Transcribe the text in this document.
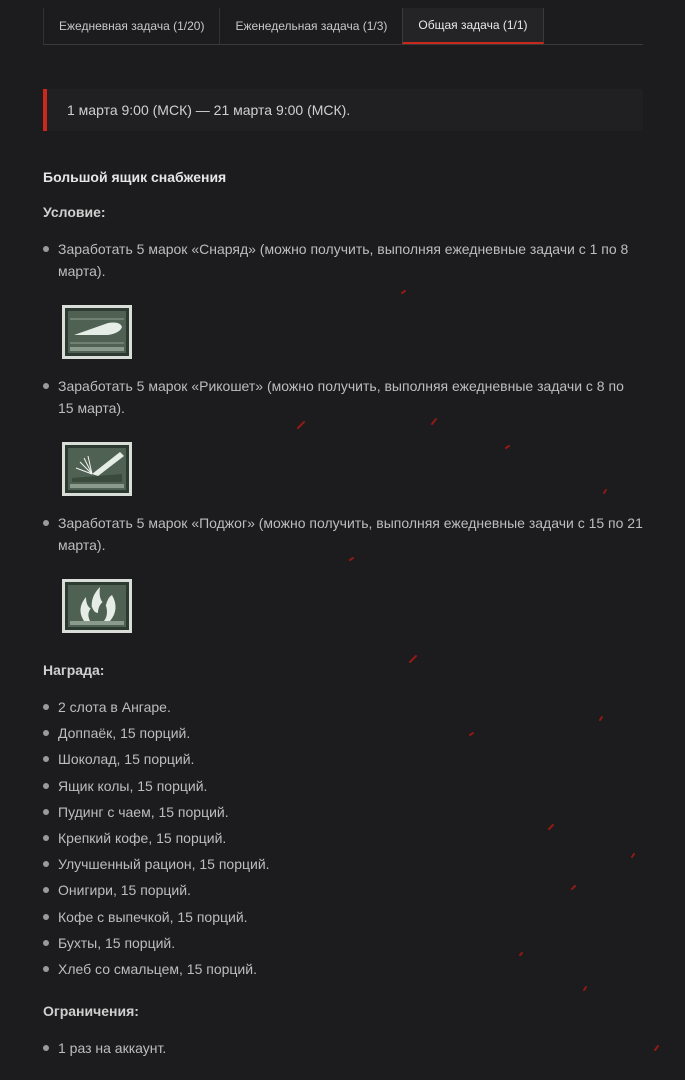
Ежедневная задача (1/20)	Еженедельная задача (1/3)	Общая задача (1/1)
1 марта 9:00 (МСК) — 21 марта 9:00 (МСК).
Большой ящик снабжения
Условие:
Заработать 5 марок «Снаряд» (можно получить, выполняя ежедневные задачи с 1 по 8 марта).
Заработать 5 марок «Рикошет» (можно получить, выполняя ежедневные задачи с 8 по 15 марта).
Заработать 5 марок «Поджог» (можно получить, выполняя ежедневные задачи с 15 по 21 марта).
Награда:
2 слота в Ангаре.
Доппаёк, 15 порций.
Шоколад, 15 порций.
Ящик колы, 15 порций.
Пудинг с чаем, 15 порций.
Крепкий кофе, 15 порций.
Улучшенный рацион, 15 порций.
Онигири, 15 порций.
Кофе с выпечкой, 15 порций.
Бухты, 15 порций.
Хлеб со смальцем, 15 порций.
Ограничения:
1 раз на аккаунт.
